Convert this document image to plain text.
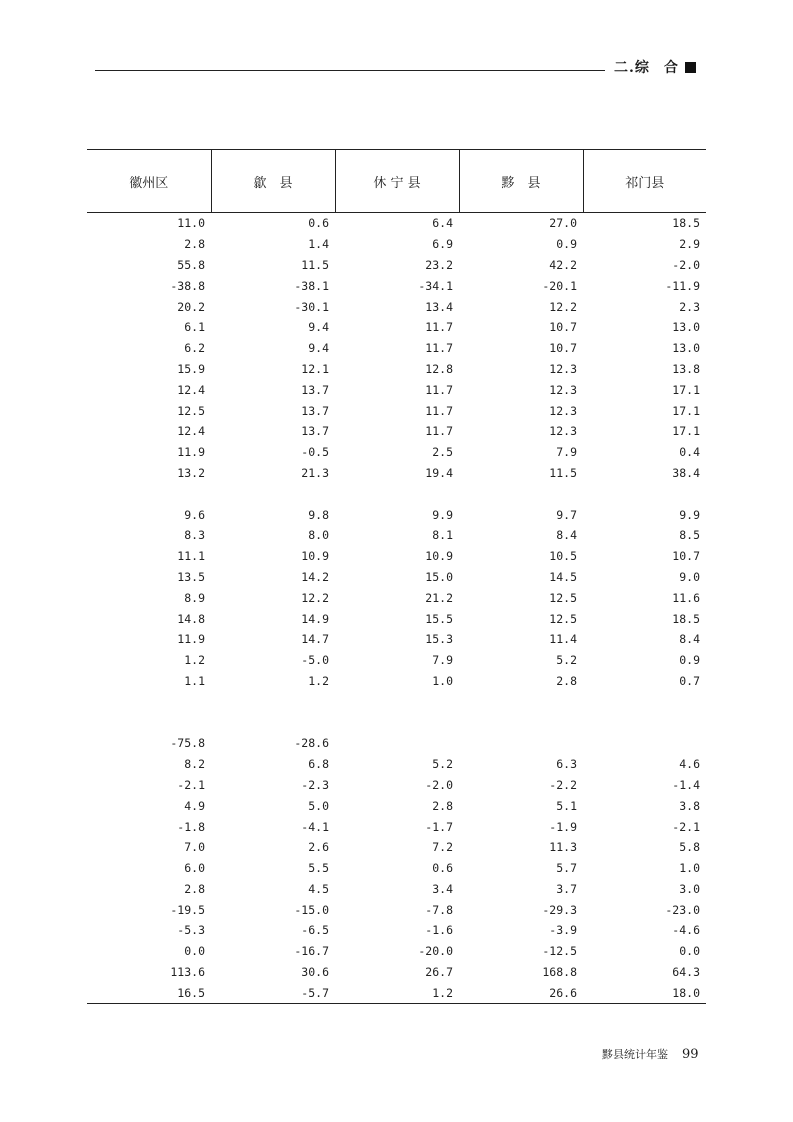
二.综 合
徽州区	歙　县	休 宁 县	黟　县	祁门县
11.0	0.6	6.4	27.0	18.5
2.8	1.4	6.9	0.9	2.9
55.8	11.5	23.2	42.2	-2.0
-38.8	-38.1	-34.1	-20.1	-11.9
20.2	-30.1	13.4	12.2	2.3
6.1	9.4	11.7	10.7	13.0
6.2	9.4	11.7	10.7	13.0
15.9	12.1	12.8	12.3	13.8
12.4	13.7	11.7	12.3	17.1
12.5	13.7	11.7	12.3	17.1
12.4	13.7	11.7	12.3	17.1
11.9	-0.5	2.5	7.9	0.4
13.2	21.3	19.4	11.5	38.4

9.6	9.8	9.9	9.7	9.9
8.3	8.0	8.1	8.4	8.5
11.1	10.9	10.9	10.5	10.7
13.5	14.2	15.0	14.5	9.0
8.9	12.2	21.2	12.5	11.6
14.8	14.9	15.5	12.5	18.5
11.9	14.7	15.3	11.4	8.4
1.2	-5.0	7.9	5.2	0.9
1.1	1.2	1.0	2.8	0.7

-75.8	-28.6			
8.2	6.8	5.2	6.3	4.6
-2.1	-2.3	-2.0	-2.2	-1.4
4.9	5.0	2.8	5.1	3.8
-1.8	-4.1	-1.7	-1.9	-2.1
7.0	2.6	7.2	11.3	5.8
6.0	5.5	0.6	5.7	1.0
2.8	4.5	3.4	3.7	3.0
-19.5	-15.0	-7.8	-29.3	-23.0
-5.3	-6.5	-1.6	-3.9	-4.6
0.0	-16.7	-20.0	-12.5	0.0
113.6	30.6	26.7	168.8	64.3
16.5	-5.7	1.2	26.6	18.0
黟县统计年鉴 99
